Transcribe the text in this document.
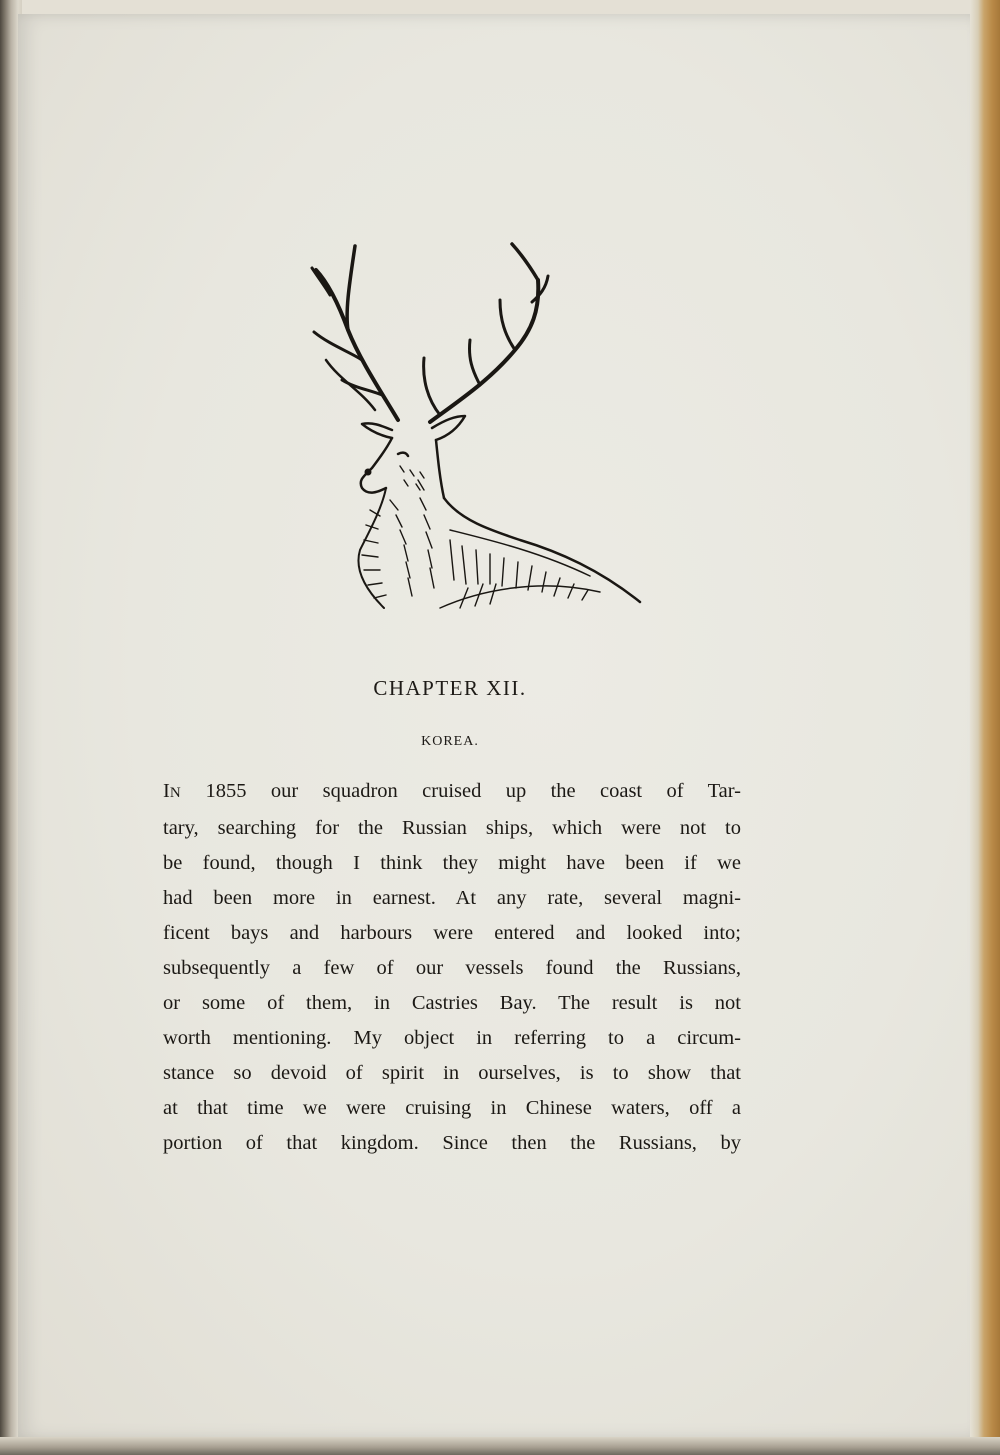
CHAPTER XII.
KOREA.
IN 1855 our squadron cruised up the coast of Tar-
tary, searching for the Russian ships, which were not to
be found, though I think they might have been if we
had been more in earnest. At any rate, several magni-
ficent bays and harbours were entered and looked into;
subsequently a few of our vessels found the Russians,
or some of them, in Castries Bay. The result is not
worth mentioning. My object in referring to a circum-
stance so devoid of spirit in ourselves, is to show that
at that time we were cruising in Chinese waters, off a
portion of that kingdom. Since then the Russians, by
